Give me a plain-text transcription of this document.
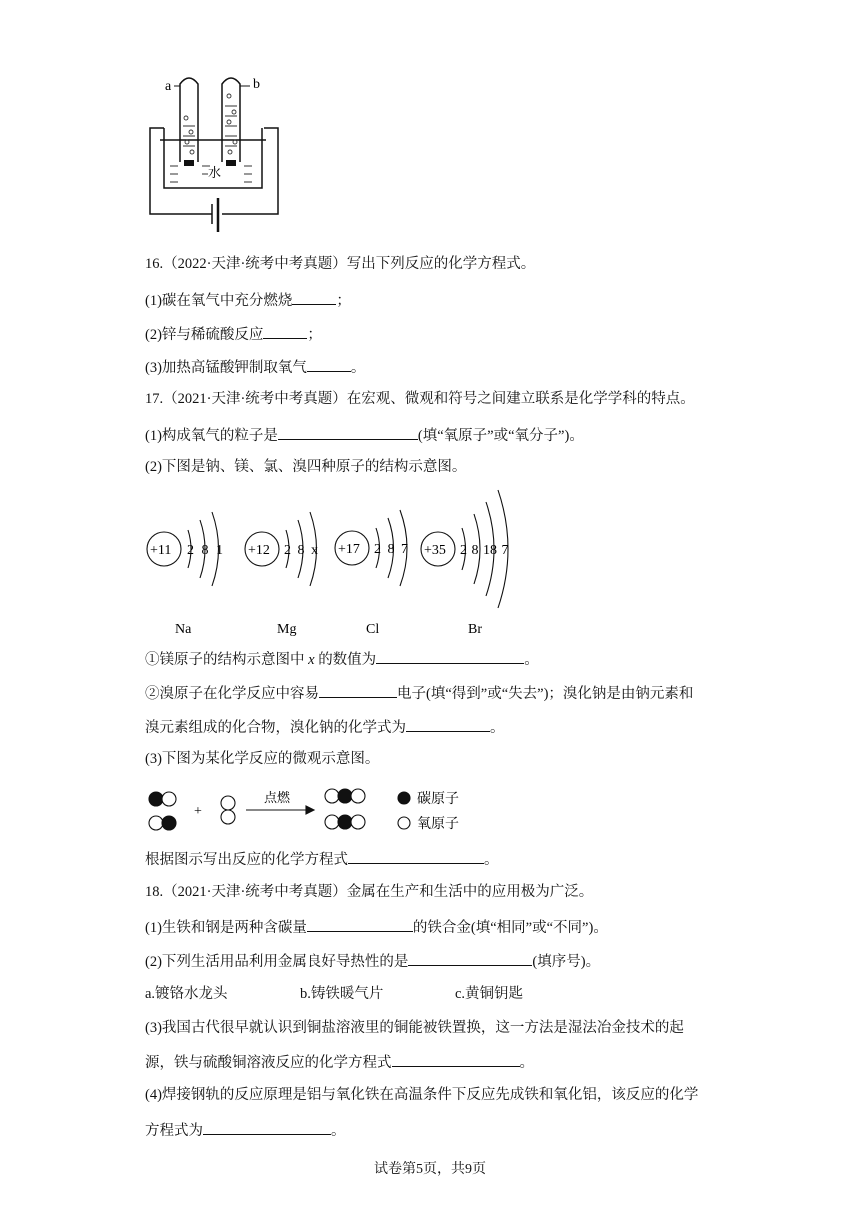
a	b
水
16.（2022·天津·统考中考真题）写出下列反应的化学方程式。
(1)碳在氧气中充分燃烧	；
(2)锌与稀硫酸反应	；
(3)加热高锰酸钾制取氧气	。
17.（2021·天津·统考中考真题）在宏观、微观和符号之间建立联系是化学学科的特点。
(1)构成氧气的粒子是	(填“氧原子”或“氧分子”)。
(2)下图是钠、镁、氯、溴四种原子的结构示意图。
+11 2 8 1 +12 2 8 x +17 2 8 7 +35 2 8 18 7
Na	Mg	Cl	Br
①镁原子的结构示意图中 x 的数值为	。
②溴原子在化学反应中容易	电子(填“得到”或“失去”)；溴化钠是由钠元素和
溴元素组成的化合物，溴化钠的化学式为	。
(3)下图为某化学反应的微观示意图。
+
点燃	碳原子
氧原子
根据图示写出反应的化学方程式	。
18.（2021·天津·统考中考真题）金属在生产和生活中的应用极为广泛。
(1)生铁和钢是两种含碳量	的铁合金(填“相同”或“不同”)。
(2)下列生活用品利用金属良好导热性的是	(填序号)。
a.镀铬水龙头	b.铸铁暖气片	c.黄铜钥匙
(3)我国古代很早就认识到铜盐溶液里的铜能被铁置换，这一方法是湿法冶金技术的起
源，铁与硫酸铜溶液反应的化学方程式	。
(4)焊接钢轨的反应原理是铝与氧化铁在高温条件下反应先成铁和氧化铝，该反应的化学
方程式为	。
试卷第5页，共9页
